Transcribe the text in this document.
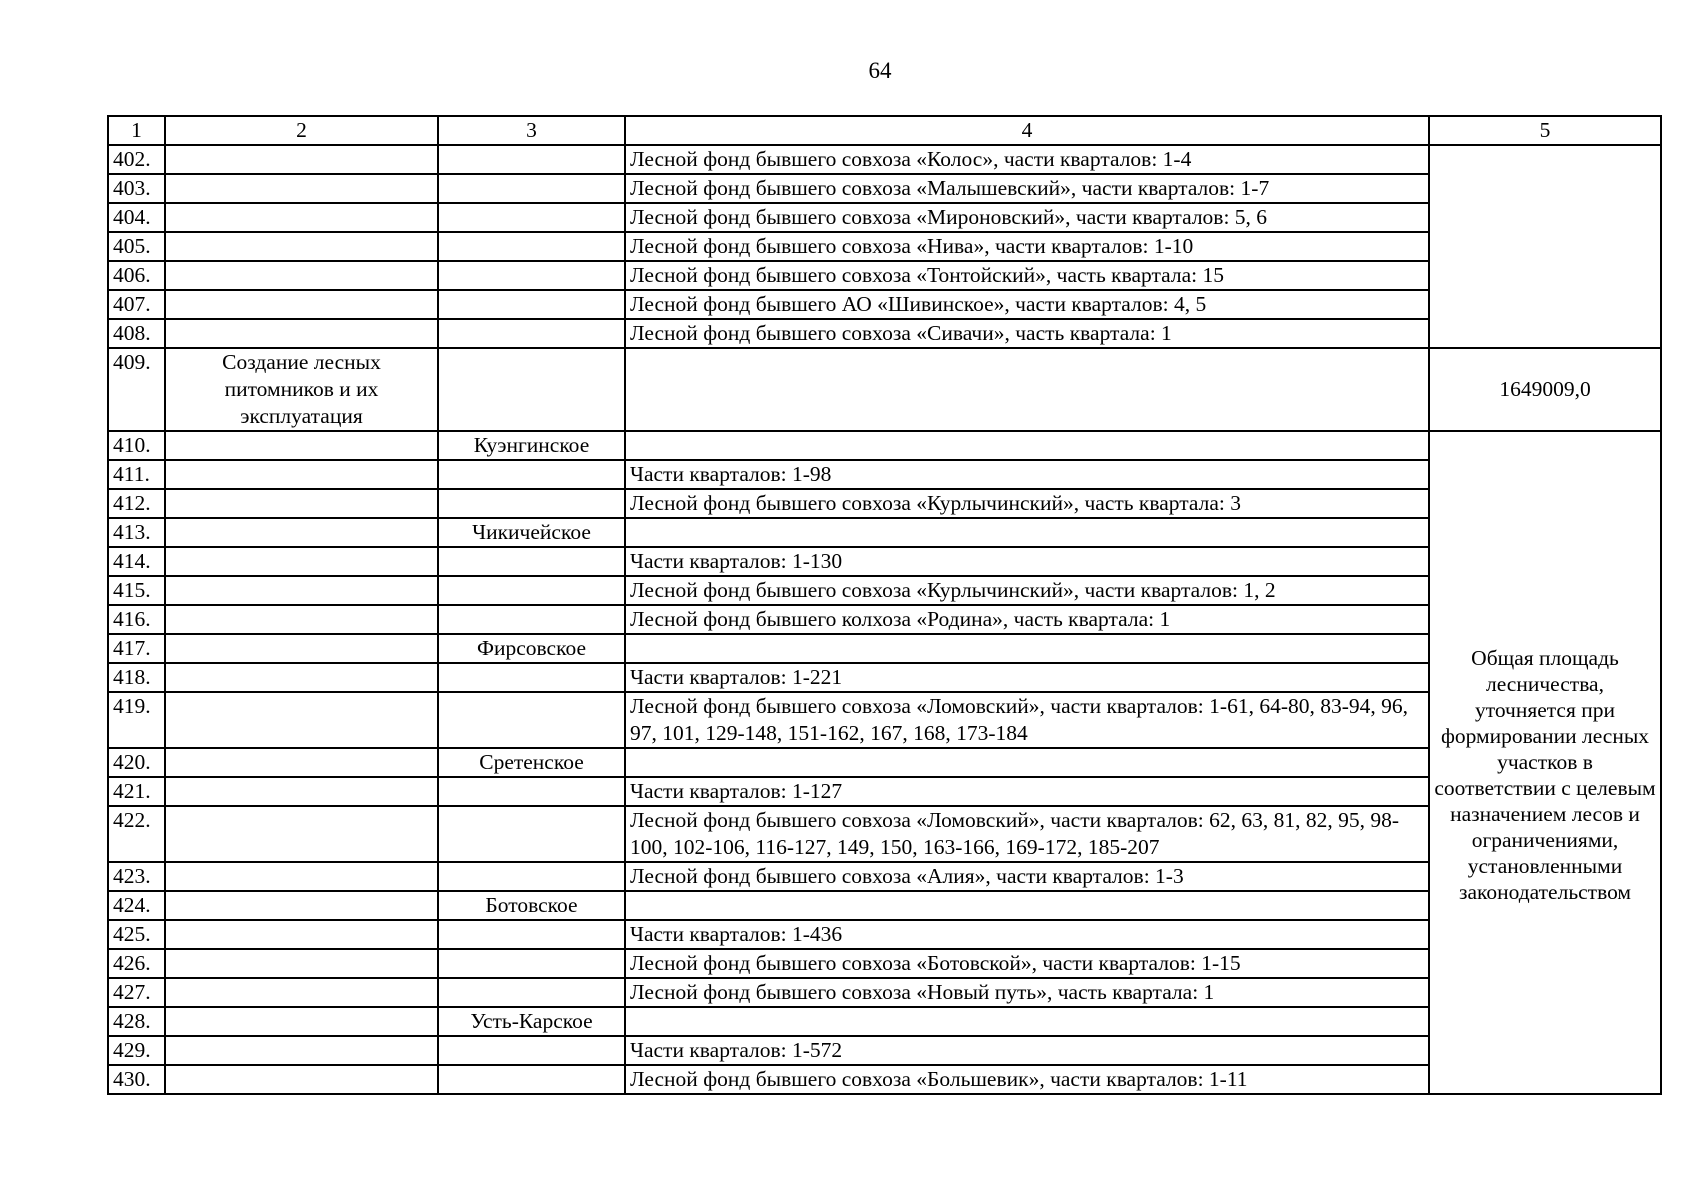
64
1	2	3	4	5
402.			Лесной фонд бывшего совхоза «Колос», части кварталов: 1-4	
403.			Лесной фонд бывшего совхоза «Малышевский», части кварталов: 1-7	
404.			Лесной фонд бывшего совхоза «Мироновский», части кварталов: 5, 6	
405.			Лесной фонд бывшего совхоза «Нива», части кварталов: 1-10	
406.			Лесной фонд бывшего совхоза «Тонтойский», часть квартала: 15	
407.			Лесной фонд бывшего АО «Шивинское», части кварталов: 4, 5	
408.			Лесной фонд бывшего совхоза «Сивачи», часть квартала: 1	
409.	Создание лесных питомников и их эксплуатация			1649009,0
410.		Куэнгинское		Общая площадь лесничества, уточняется при формировании лесных участков в соответствии с целевым назначением лесов и ограничениями, установленными законодательством
411.			Части кварталов: 1-98	
412.			Лесной фонд бывшего совхоза «Курлычинский», часть квартала: 3	
413.		Чикичейское		
414.			Части кварталов: 1-130	
415.			Лесной фонд бывшего совхоза «Курлычинский», части кварталов: 1, 2	
416.			Лесной фонд бывшего колхоза «Родина», часть квартала: 1	
417.		Фирсовское		
418.			Части кварталов: 1-221	
419.			Лесной фонд бывшего совхоза «Ломовский», части кварталов: 1-61, 64-80, 83-94, 96, 97, 101, 129-148, 151-162, 167, 168, 173-184	
420.		Сретенское		
421.			Части кварталов: 1-127	
422.			Лесной фонд бывшего совхоза «Ломовский», части кварталов: 62, 63, 81, 82, 95, 98-100, 102-106, 116-127, 149, 150, 163-166, 169-172, 185-207	
423.			Лесной фонд бывшего совхоза «Алия», части кварталов: 1-3	
424.		Ботовское		
425.			Части кварталов: 1-436	
426.			Лесной фонд бывшего совхоза «Ботовской», части кварталов: 1-15	
427.			Лесной фонд бывшего совхоза «Новый путь», часть квартала: 1	
428.		Усть-Карское		
429.			Части кварталов: 1-572	
430.			Лесной фонд бывшего совхоза «Большевик», части кварталов: 1-11	
